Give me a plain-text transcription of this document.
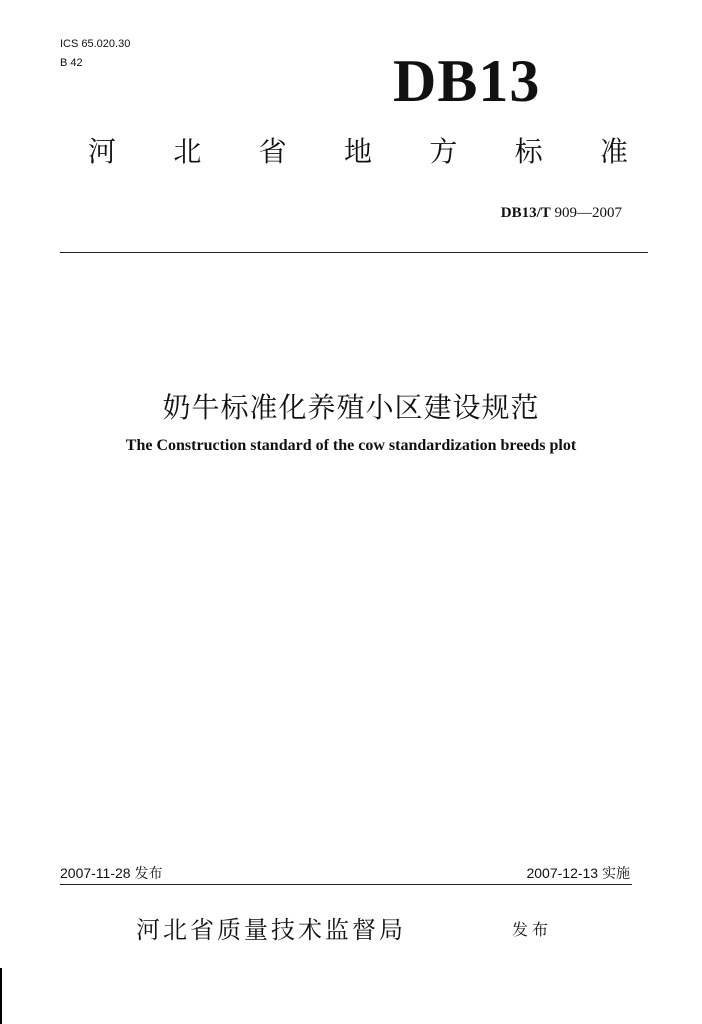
ICS 65.020.30
B 42	DB13
河 北 省 地 方 标 准
DB13/T 909—2007
奶牛标准化养殖小区建设规范
The Construction standard of the cow standardization breeds plot
2007-11-28 发布	2007-12-13 实施
河北省质量技术监督局	发布
